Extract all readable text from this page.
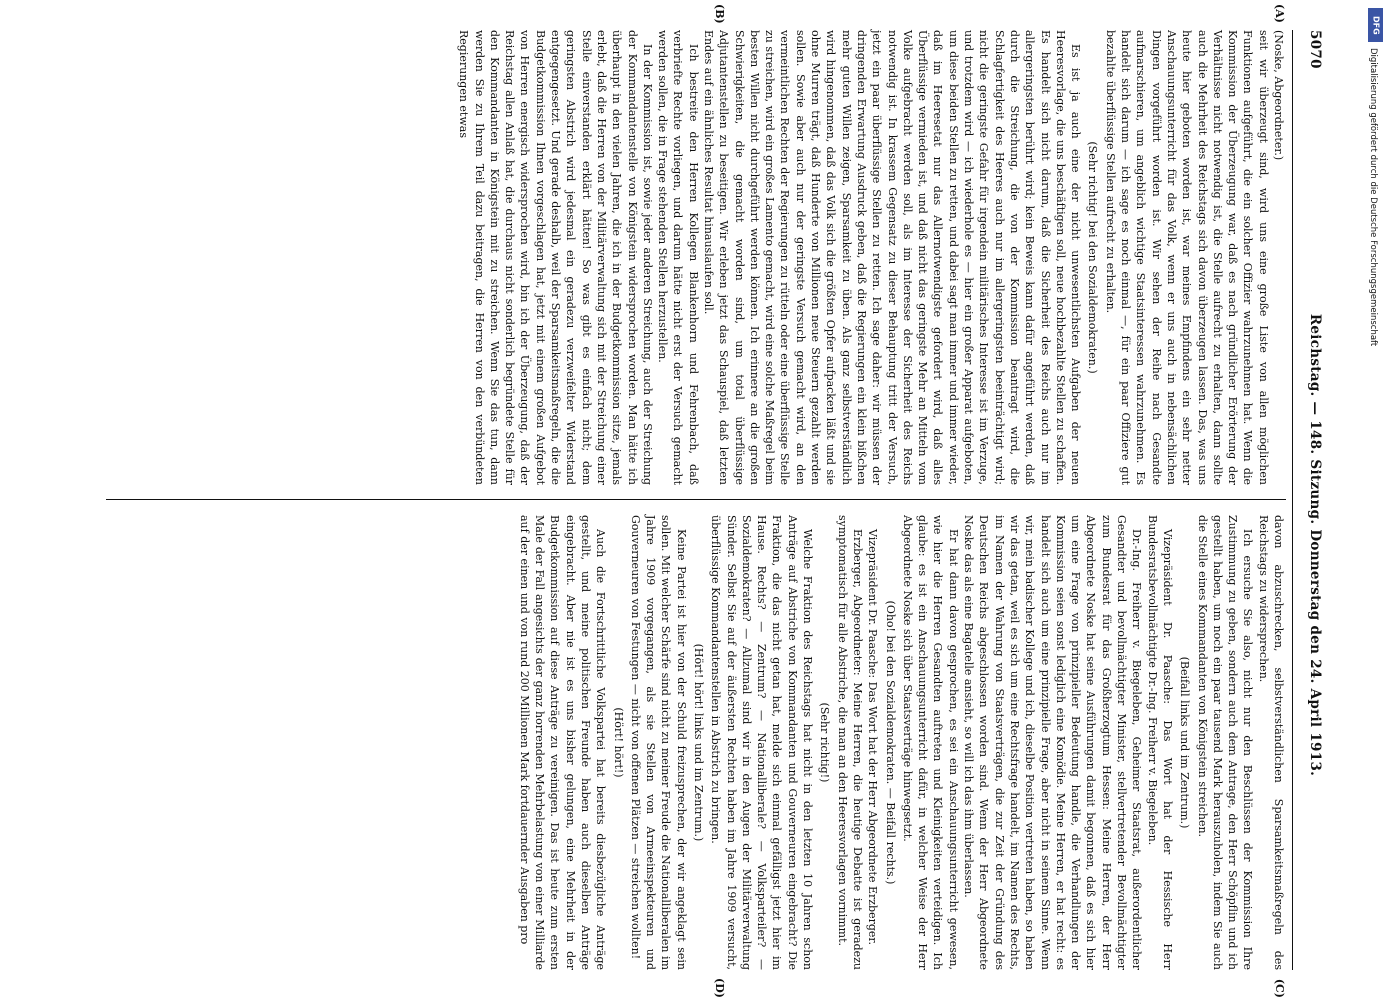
5070
Reichstag. — 148. Sitzung. Donnerstag den 24. April 1913.
(A)
(B)

(Noske, Abgeordneter.)

seit wir überzeugt sind, wird uns eine große Liste von allen möglichen Funktionen aufgeführt, die ein solcher Offizier wahrzunehmen hat. Wenn die Kommission der Überzeugung war, daß es nach gründlicher Erörterung der Verhältnisse nicht notwendig ist, die Stelle aufrecht zu erhalten, dann sollte auch die Mehrheit des Reichstags sich davon überzeugen lassen. Das, was uns heute hier geboten worden ist, war meines Empfindens ein sehr netter Anschauungsunterricht für das Volk, wenn er uns auch in nebensächlichen Dingen vorgeführt worden ist. Wir sehen der Reihe nach Gesandte aufmarschieren, um angeblich wichtige Staatsinteressen wahrzunehmen. Es handelt sich darum — ich sage es noch einmal —, für ein paar Offiziere gut bezahlte überflüssige Stellen aufrecht zu erhalten.

(Sehr richtig! bei den Sozialdemokraten.)

Es ist ja auch eine der nicht unwesentlichsten Aufgaben der neuen Heeresvorlage, die uns beschäftigen soll, neue hochbezahlte Stellen zu schaffen. Es handelt sich nicht darum, daß die Sicherheit des Reichs auch nur im allergeringsten berührt wird; kein Beweis kann dafür angeführt werden, daß durch die Streichung, die von der Kommission beantragt wird, die Schlagfertigkeit des Heeres auch nur im allergeringsten beeinträchtigt wird; nicht die geringste Gefahr für irgendein militärisches Interesse ist im Verzuge, und trotzdem wird — ich wiederhole es — hier ein großer Apparat aufgeboten, um diese beiden Stellen zu retten, und dabei sagt man immer und immer wieder, daß im Heeresetat nur das Allernotwendigste gefordert wird, daß alles Überflüssige vermieden ist, und daß nicht das geringste Mehr an Mitteln vom Volke aufgebracht werden soll, als im Interesse der Sicherheit des Reichs notwendig ist. In krassem Gegensatz zu dieser Behauptung tritt der Versuch, jetzt ein paar überflüssige Stellen zu retten. Ich sage daher: wir müssen der dringenden Erwartung Ausdruck geben, daß die Regierungen ein klein bißchen mehr guten Willen zeigen, Sparsamkeit zu üben. Als ganz selbstverständlich wird hingenommen, daß das Volk sich die größten Opfer aufpacken läßt und sie ohne Murren trägt, daß Hunderte von Millionen neue Steuern gezahlt werden sollen. Sowie aber auch nur der geringste Versuch gemacht wird, an den vermeintlichen Rechten der Regierungen zu rütteln oder eine überflüssige Stelle zu streichen, wird ein großes Lamento gemacht, wird eine solche Maßregel beim besten Willen nicht durchgeführt werden können. Ich erinnere an die großen Schwierigkeiten, die gemacht worden sind, um total überflüssige Adjutantenstellen zu beseitigen. Wir erleben jetzt das Schauspiel, daß letzten Endes auf ein ähnliches Resultat hinauslaufen soll.

Ich bestreite den Herren Kollegen Blankenhorn und Fehrenbach, daß verbriefte Rechte vorliegen, und darum hätte nicht erst der Versuch gemacht werden sollen, die in Frage stehenden Stellen herzustellen.

In der Kommission ist, sowie jeder anderen Streichung, auch der Streichung der Kommandantenstelle von Königstein widersprochen worden. Man hätte ich überhaupt in den vielen Jahren, die ich in der Budgetkommission sitze, jemals erlebt, daß die Herren von der Militärverwaltung sich mit der Streichung einer Stelle einverstanden erklärt hätten! So was gibt es einfach nicht; dem geringsten Abstrich wird jedesmal ein geradezu verzweifelter Widerstand entgegengesetzt. Und gerade deshalb, weil der Sparsamkeitsmaßregeln, die die Budgetkommission Ihnen vorgeschlagen hat, jetzt mit einem großen Aufgebot von Herren energisch widersprochen wird, bin ich der Überzeugung, daß der Reichstag allen Anlaß hat, die durchaus nicht sonderlich begründete Stelle für den Kommandanten in Königstein mit zu streichen. Wenn Sie das tun, dann werden Sie zu Ihrem Teil dazu beitragen, die Herren von den verbündeten Regierungen etwas

davon abzuschrecken, selbstverständlichen Sparsamkeitsmaßregeln des Reichstags zu widersprechen.

Ich ersuche Sie also, nicht nur den Beschlüssen der Kommission Ihre Zustimmung zu geben, sondern auch dem Antrage, den Herr Schöpflin und ich gestellt haben, um noch ein paar tausend Mark herauszuholen, indem Sie auch die Stelle eines Kommandanten von Königstein streichen.

(Beifall links und im Zentrum.)

Vizepräsident Dr. Paasche: Das Wort hat der Hessische Herr Bundesratsbevollmächtigte Dr.-Ing. Freiherr v. Biegeleben.

Dr.-Ing. Freiherr v. Biegeleben, Geheimer Staatsrat, außerordentlicher Gesandter und bevollmächtigter Minister, stellvertretender Bevollmächtigter zum Bundesrat für das Großherzogtum Hessen: Meine Herren, der Herr Abgeordnete Noske hat seine Ausführungen damit begonnen, daß es sich hier um eine Frage von prinzipieller Bedeutung handle, die Verhandlungen der Kommission seien sonst lediglich eine Komödie. Meine Herren, er hat recht: es handelt sich auch um eine prinzipielle Frage, aber nicht in seinem Sinne. Wenn wir, mein badischer Kollege und ich, dieselbe Position vertreten haben, so haben wir das getan, weil es sich um eine Rechtsfrage handelt, im Namen des Rechts, im Namen der Wahrung von Staatsverträgen, die zur Zeit der Gründung des Deutschen Reichs abgeschlossen worden sind. Wenn der Herr Abgeordnete Noske das als eine Bagatelle ansieht, so will ich das ihm überlassen.

Er hat dann davon gesprochen, es sei ein Anschauungsunterricht gewesen, wie hier die Herren Gesandten auftreten und Kleinigkeiten verteidigen. Ich glaube: es ist ein Anschauungsunterricht dafür, in welcher Weise der Herr Abgeordnete Noske sich über Staatsverträge hinwegsetzt.

(Oho! bei den Sozialdemokraten. — Beifall rechts.)

Vizepräsident Dr. Paasche: Das Wort hat der Herr Abgeordnete Erzberger.

Erzberger, Abgeordneter: Meine Herren, die heutige Debatte ist geradezu symptomatisch für alle Abstriche, die man an den Heeresvorlagen vornimmt.

(Sehr richtig!)

Welche Fraktion des Reichstags hat nicht in den letzten 10 Jahren schon Anträge auf Abstriche von Kommandanten und Gouverneuren eingebracht? Die Fraktion, die das nicht getan hat, melde sich einmal gefälligst jetzt hier im Hause. Rechts? — Zentrum? — Nationalliberale? — Volksparteiler? — Sozialdemokraten? — Allzumal sind wir in den Augen der Militärverwaltung Sünder. Selbst Sie auf der äußersten Rechten haben im Jahre 1909 versucht, überflüssige Kommandantenstellen in Abstrich zu bringen.

(Hört! hört! links und im Zentrum.)

Keine Partei ist hier von der Schuld freizusprechen, der wir angeklagt sein sollen. Mit welcher Schärfe sind nicht zu meiner Freude die Nationalliberalen im Jahre 1909 vorgegangen, als sie Stellen von Armeeinspekteuren und Gouverneuren von Festungen — nicht von offenen Plätzen — streichen wollten!

(Hört! hört!)

Auch die Fortschrittliche Volkspartei hat bereits diesbezügliche Anträge gestellt, und meine politischen Freunde haben auch dieselben Anträge eingebracht. Aber nie ist es uns bisher gelungen, eine Mehrheit in der Budgetkommission auf diese Anträge zu vereinigen. Das ist heute zum ersten Male der Fall angesichts der ganz horrenden Mehrbelastung von einer Milliarde auf der einen und von rund 200 Millionen Mark fortdauernder Ausgaben pro

(C)
(D)
DFG
Digitalisierung gefördert durch die Deutsche Forschungsgemeinschaft
